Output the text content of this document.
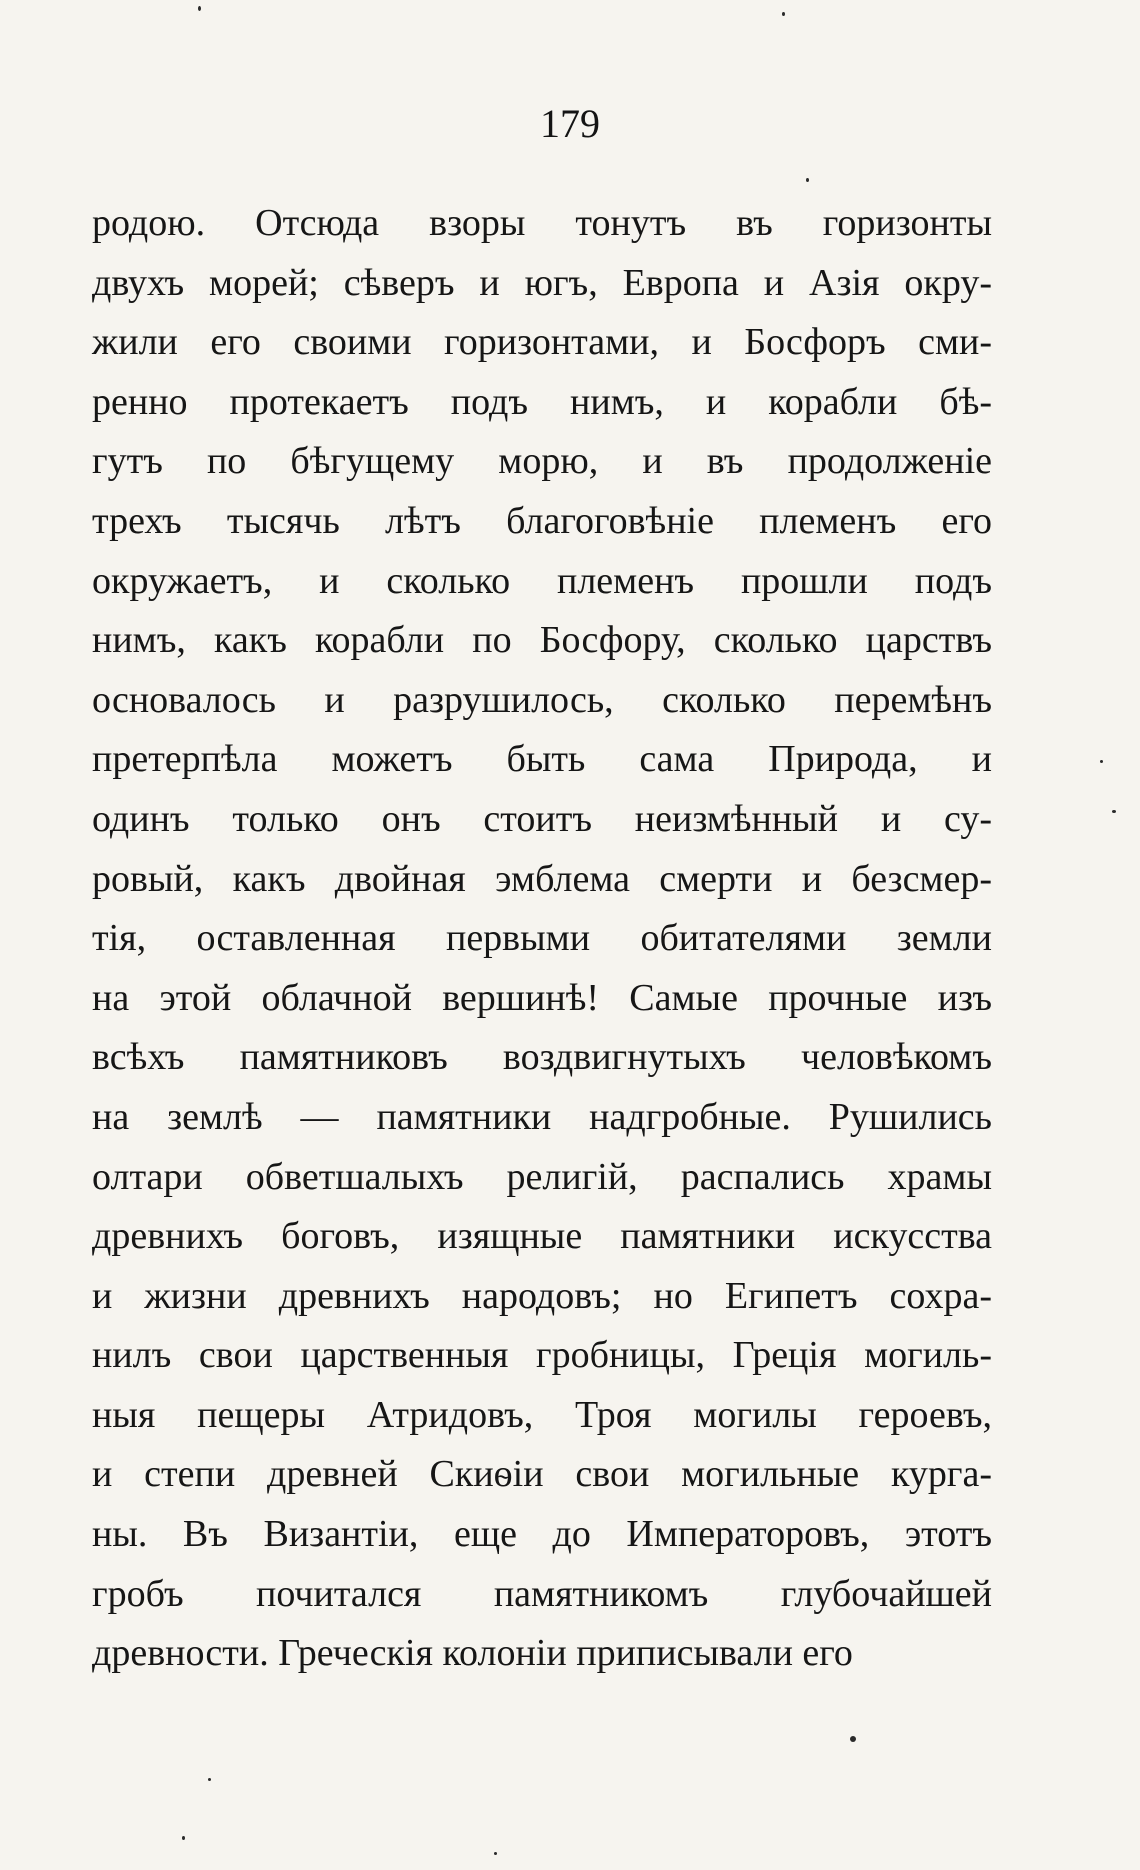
179
родою. Отсюда взоры тонутъ въ горизонты
двухъ морей; сѣверъ и югъ, Европа и Азія окру-
жили его своими горизонтами, и Босфоръ сми-
ренно протекаетъ подъ нимъ, и корабли бѣ-
гутъ по бѣгущему морю, и въ продолженіе
трехъ тысячь лѣтъ благоговѣніе племенъ его
окружаетъ, и сколько племенъ прошли подъ
нимъ, какъ корабли по Босфору, сколько царствъ
основалось и разрушилось, сколько перемѣнъ
претерпѣла можетъ быть сама Природа, и
одинъ только онъ стоитъ неизмѣнный и су-
ровый, какъ двойная эмблема смерти и безсмер-
тія, оставленная первыми обитателями земли
на этой облачной вершинѣ! Самые прочные изъ
всѣхъ памятниковъ воздвигнутыхъ человѣкомъ
на землѣ — памятники надгробные. Рушились
олтари обветшалыхъ религій, распались храмы
древнихъ боговъ, изящные памятники искусства
и жизни древнихъ народовъ; но Египетъ сохра-
нилъ свои царственныя гробницы, Греція могиль-
ныя пещеры Атридовъ, Троя могилы героевъ,
и степи древней Скиѳіи свои могильные курга-
ны. Въ Византіи, еще до Императоровъ, этотъ
гробъ почитался памятникомъ глубочайшей
древности. Греческія колоніи приписывали его
